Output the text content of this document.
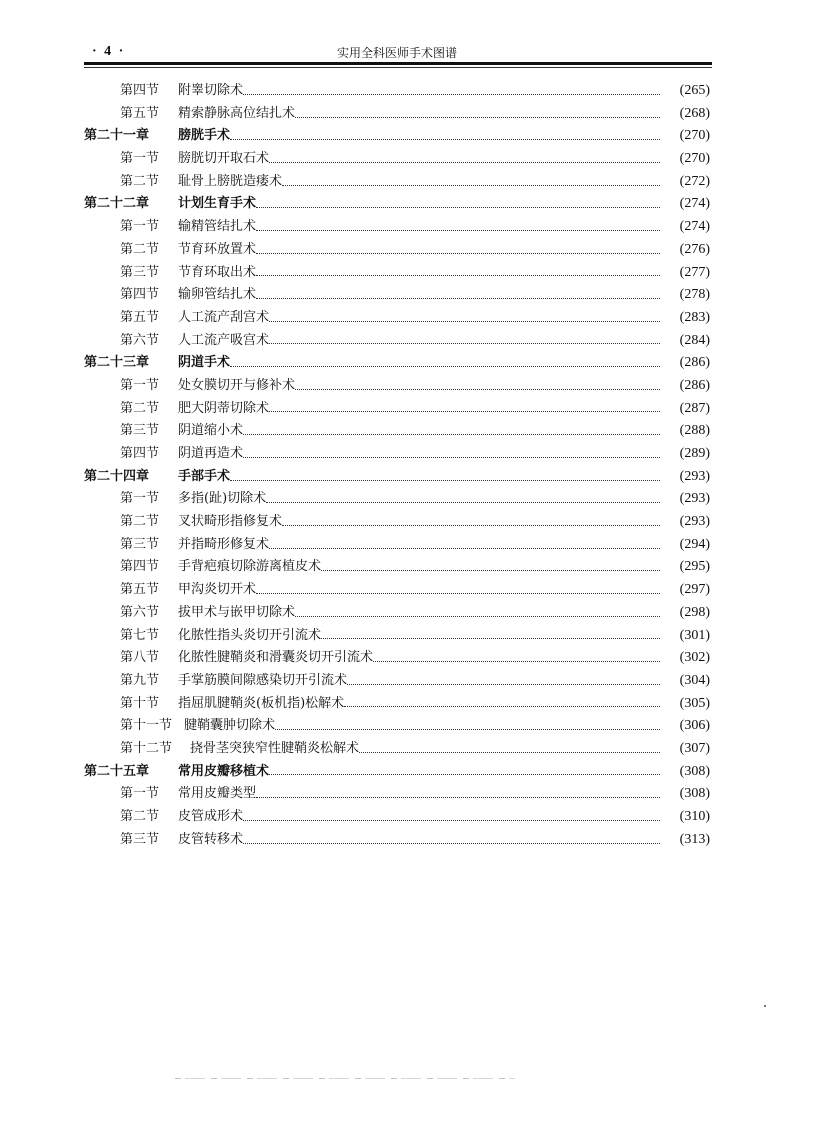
· 4 ·	实用全科医师手术图谱
第四节	附睾切除术	(265)
第五节	精索静脉高位结扎术	(268)
第二十一章	膀胱手术	(270)
第一节	膀胱切开取石术	(270)
第二节	耻骨上膀胱造瘘术	(272)
第二十二章	计划生育手术	(274)
第一节	输精管结扎术	(274)
第二节	节育环放置术	(276)
第三节	节育环取出术	(277)
第四节	输卵管结扎术	(278)
第五节	人工流产刮宫术	(283)
第六节	人工流产吸宫术	(284)
第二十三章	阴道手术	(286)
第一节	处女膜切开与修补术	(286)
第二节	肥大阴蒂切除术	(287)
第三节	阴道缩小术	(288)
第四节	阴道再造术	(289)
第二十四章	手部手术	(293)
第一节	多指(趾)切除术	(293)
第二节	叉状畸形指修复术	(293)
第三节	并指畸形修复术	(294)
第四节	手背疤痕切除游离植皮术	(295)
第五节	甲沟炎切开术	(297)
第六节	拔甲术与嵌甲切除术	(298)
第七节	化脓性指头炎切开引流术	(301)
第八节	化脓性腱鞘炎和滑囊炎切开引流术	(302)
第九节	手掌筋膜间隙感染切开引流术	(304)
第十节	指屈肌腱鞘炎(板机指)松解术	(305)
第十一节 腱鞘囊肿切除术	(306)
第十二节	挠骨茎突狭窄性腱鞘炎松解术	(307)
第二十五章	常用皮瓣移植术	(308)
第一节	常用皮瓣类型	(308)
第二节	皮管成形术	(310)
第三节	皮管转移术	(313)
